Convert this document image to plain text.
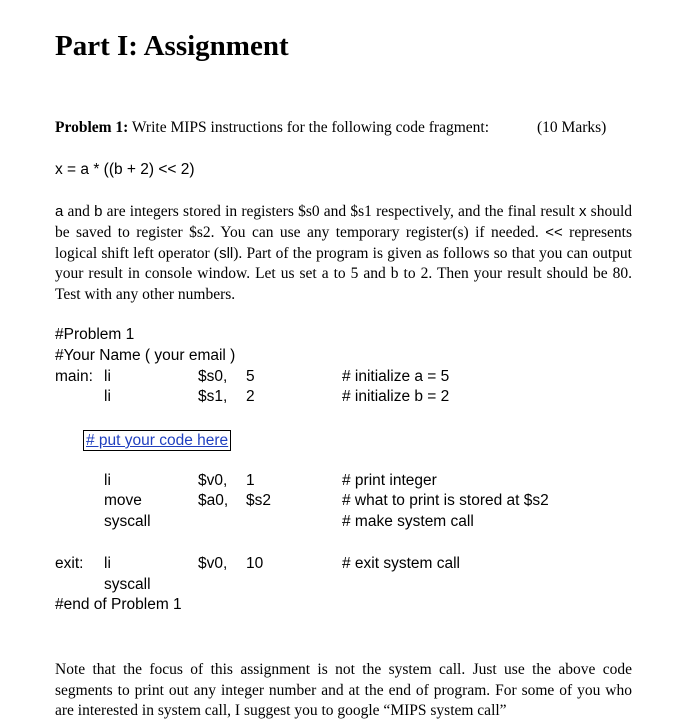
Part I: Assignment
Problem 1: Write MIPS instructions for the following code fragment:	(10 Marks)
x = a * ((b + 2) << 2)
a and b are integers stored in registers $s0 and $s1 respectively, and the final result x should be saved to register $s2. You can use any temporary register(s) if needed. << represents logical shift left operator (sll). Part of the program is given as follows so that you can output your result in console window. Let us set a to 5 and b to 2. Then your result should be 80. Test with any other numbers.
#Problem 1
#Your Name ( your email )
main: li	$s0, 5	# initialize a = 5
li	$s1, 2	# initialize b = 2
# put your code here
li	$v0, 1	# print integer
move	$a0, $s2	# what to print is stored at $s2
syscall	# make system call
exit: li	$v0, 10	# exit system call
syscall
#end of Problem 1
Note that the focus of this assignment is not the system call. Just use the above code segments to print out any integer number and at the end of program. For some of you who are interested in system call, I suggest you to google “MIPS system call”
